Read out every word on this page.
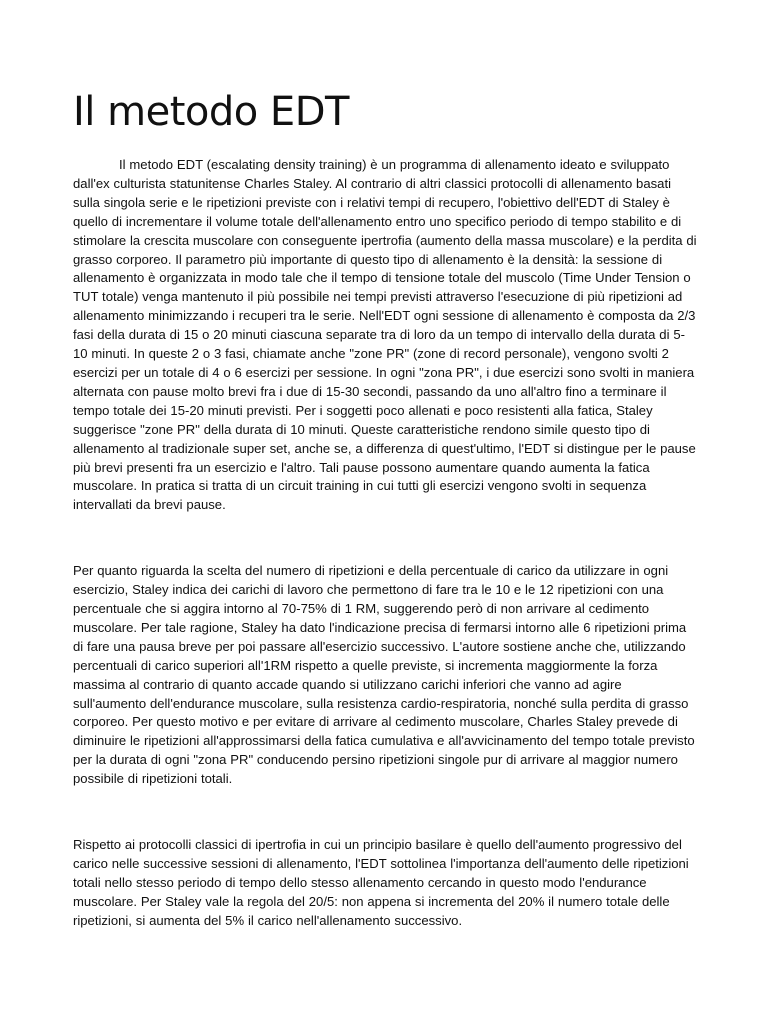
Il metodo EDT

Il metodo EDT (escalating density training) è un programma di allenamento ideato e sviluppato dall'ex culturista statunitense Charles Staley. Al contrario di altri classici protocolli di allenamento basati sulla singola serie e le ripetizioni previste con i relativi tempi di recupero, l'obiettivo dell'EDT di Staley è quello di incrementare il volume totale dell'allenamento entro uno specifico periodo di tempo stabilito e di stimolare la crescita muscolare con conseguente ipertrofia (aumento della massa muscolare) e la perdita di grasso corporeo. Il parametro più importante di questo tipo di allenamento è la densità: la sessione di allenamento è organizzata in modo tale che il tempo di tensione totale del muscolo (Time Under Tension o TUT totale) venga mantenuto il più possibile nei tempi previsti attraverso l'esecuzione di più ripetizioni ad allenamento minimizzando i recuperi tra le serie. Nell'EDT ogni sessione di allenamento è composta da 2/3 fasi della durata di 15 o 20 minuti ciascuna separate tra di loro da un tempo di intervallo della durata di 5-10 minuti. In queste 2 o 3 fasi, chiamate anche "zone PR" (zone di record personale), vengono svolti 2 esercizi per un totale di 4 o 6 esercizi per sessione. In ogni "zona PR", i due esercizi sono svolti in maniera alternata con pause molto brevi fra i due di 15-30 secondi, passando da uno all'altro fino a terminare il tempo totale dei 15-20 minuti previsti. Per i soggetti poco allenati e poco resistenti alla fatica, Staley suggerisce "zone PR" della durata di 10 minuti. Queste caratteristiche rendono simile questo tipo di allenamento al tradizionale super set, anche se, a differenza di quest'ultimo, l'EDT si distingue per le pause più brevi presenti fra un esercizio e l'altro. Tali pause possono aumentare quando aumenta la fatica muscolare. In pratica si tratta di un circuit training in cui tutti gli esercizi vengono svolti in sequenza intervallati da brevi pause.

Per quanto riguarda la scelta del numero di ripetizioni e della percentuale di carico da utilizzare in ogni esercizio, Staley indica dei carichi di lavoro che permettono di fare tra le 10 e le 12 ripetizioni con una percentuale che si aggira intorno al 70-75% di 1 RM, suggerendo però di non arrivare al cedimento muscolare. Per tale ragione, Staley ha dato l'indicazione precisa di fermarsi intorno alle 6 ripetizioni prima di fare una pausa breve per poi passare all'esercizio successivo. L'autore sostiene anche che, utilizzando percentuali di carico superiori all'1RM rispetto a quelle previste, si incrementa maggiormente la forza massima al contrario di quanto accade quando si utilizzano carichi inferiori che vanno ad agire sull'aumento dell'endurance muscolare, sulla resistenza cardio-respiratoria, nonché sulla perdita di grasso corporeo. Per questo motivo e per evitare di arrivare al cedimento muscolare, Charles Staley prevede di diminuire le ripetizioni all'approssimarsi della fatica cumulativa e all'avvicinamento del tempo totale previsto per la durata di ogni "zona PR" conducendo persino ripetizioni singole pur di arrivare al maggior numero possibile di ripetizioni totali.

Rispetto ai protocolli classici di ipertrofia in cui un principio basilare è quello dell'aumento progressivo del carico nelle successive sessioni di allenamento, l'EDT sottolinea l'importanza dell'aumento delle ripetizioni totali nello stesso periodo di tempo dello stesso allenamento cercando in questo modo l'endurance muscolare. Per Staley vale la regola del 20/5: non appena si incrementa del 20% il numero totale delle ripetizioni, si aumenta del 5% il carico nell'allenamento successivo.
